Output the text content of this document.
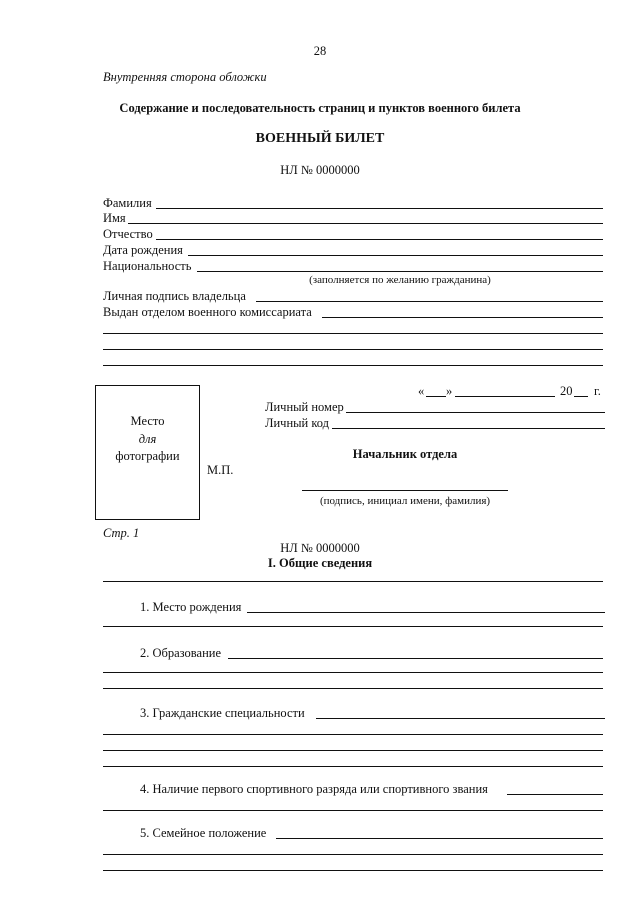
28
Внутренняя сторона обложки
Содержание и последовательность страниц и пунктов военного билета
ВОЕННЫЙ БИЛЕТ
НЛ № 0000000
Фамилия
Имя
Отчество
Дата рождения
Национальность
(заполняется по желанию гражданина)
Личная подпись владельца
Выдан отделом военного комиссариата
« »	20 г.
Место
для
фотографии
М.П.
Личный номер
Личный код
Начальник отдела
(подпись, инициал имени, фамилия)
Стр. 1
НЛ № 0000000
I. Общие сведения
1. Место рождения
2. Образование
3. Гражданские специальности
4. Наличие первого спортивного разряда или спортивного звания
5. Семейное положение
